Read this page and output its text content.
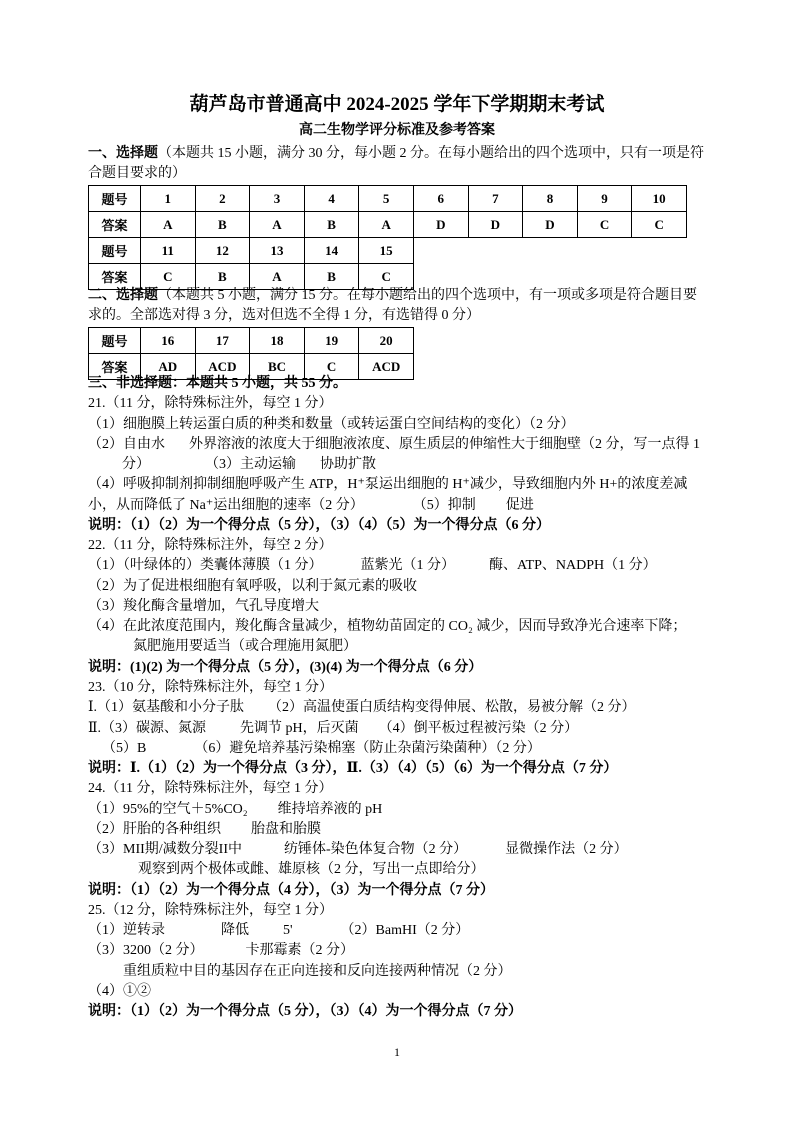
葫芦岛市普通高中 2024-2025 学年下学期期末考试
高二生物学评分标准及参考答案
一、选择题（本题共 15 小题，满分 30 分，每小题 2 分。在每小题给出的四个选项中，只有一项是符合题目要求的）
题号	1	2	3	4	5	6	7	8	9	10
答案	A	B	A	B	A	D	D	D	C	C
题号	11	12	13	14	15					
答案	C	B	A	B	C					
二、选择题（本题共 5 小题，满分 15 分。在每小题给出的四个选项中，有一项或多项是符合题目要求的。全部选对得 3 分，选对但选不全得 1 分，有选错得 0 分）
题号	16	17	18	19	20
答案	AD	ACD	BC	C	ACD

三、非选择题：本题共 5 小题，共 55 分。

21.（11 分，除特殊标注外，每空 1 分）

（1）细胞膜上转运蛋白质的种类和数量（或转运蛋白空间结构的变化）（2 分）

（2）自由水 外界溶液的浓度大于细胞液浓度、原生质层的伸缩性大于细胞壁（2 分，写一点得 1 分）	（3）主动运输 协助扩散

（4）呼吸抑制剂抑制细胞呼吸产生 ATP，H⁺泵运出细胞的 H⁺减少，导致细胞内外 H+的浓度差减小，从而降低了 Na⁺运出细胞的速率（2 分）	（5）抑制 促进

说明：（1）（2）为一个得分点（5 分），（3）（4）（5）为一个得分点（6 分）

22.（11 分，除特殊标注外，每空 2 分）

（1）（叶绿体的）类囊体薄膜（1 分）	蓝紫光（1 分） 酶、ATP、NADPH（1 分）

（2）为了促进根细胞有氧呼吸，以利于氮元素的吸收

（3）羧化酶含量增加，气孔导度增大

（4）在此浓度范围内，羧化酶含量减少，植物幼苗固定的 CO₂ 减少，因而导致净光合速率下降；

氮肥施用要适当（或合理施用氮肥）

说明：(1)(2) 为一个得分点（5 分），(3)(4) 为一个得分点（6 分）

23.（10 分，除特殊标注外，每空 1 分）

Ⅰ.（1）氨基酸和小分子肽 （2）高温使蛋白质结构变得伸展、松散，易被分解（2 分）

Ⅱ.（3）碳源、氮源 先调节 pH，后灭菌 （4）倒平板过程被污染（2 分）

（5）B	（6）避免培养基污染棉塞（防止杂菌污染菌种）（2 分）

说明：Ⅰ.（1）（2）为一个得分点（3 分），Ⅱ.（3）（4）（5）（6）为一个得分点（7 分）

24.（11 分，除特殊标注外，每空 1 分）

（1）95%的空气＋5%CO₂ 维持培养液的 pH

（2）肝胎的各种组织 胎盘和胎膜

（3）MII期/减数分裂II中	纺锤体-染色体复合物（2 分）	显微操作法（2 分）

观察到两个极体或雌、雄原核（2 分，写出一点即给分）

说明：（1）（2）为一个得分点（4 分），（3）为一个得分点（7 分）

25.（12 分，除特殊标注外，每空 1 分）

（1）逆转录	降低 5'	（2）BamHI（2 分）

（3）3200（2 分）	卡那霉素（2 分）

重组质粒中目的基因存在正向连接和反向连接两种情况（2 分）

（4）①②

说明：（1）（2）为一个得分点（5 分），（3）（4）为一个得分点（7 分）

1
